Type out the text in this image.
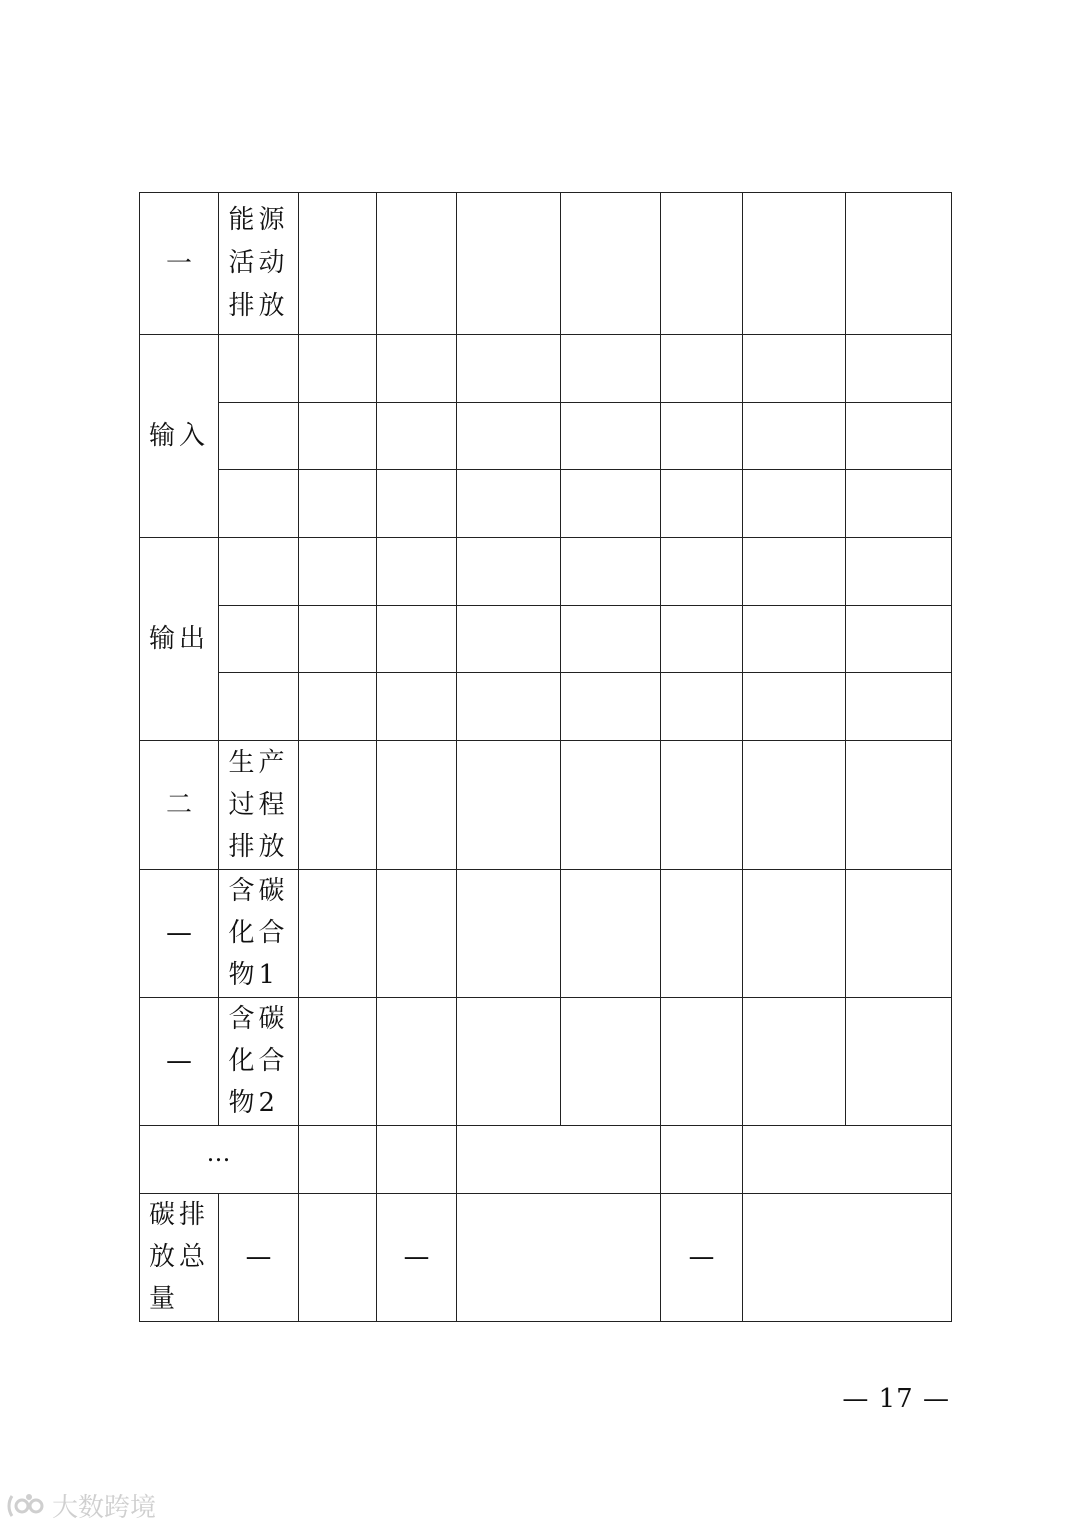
一	能源活动排放							
输入								

输出								

二	生产过程排放							
—	含碳化合物1							
—	含碳化合物2							
…								
碳排放总量	—		—			—		
— 17 —
大数跨境
